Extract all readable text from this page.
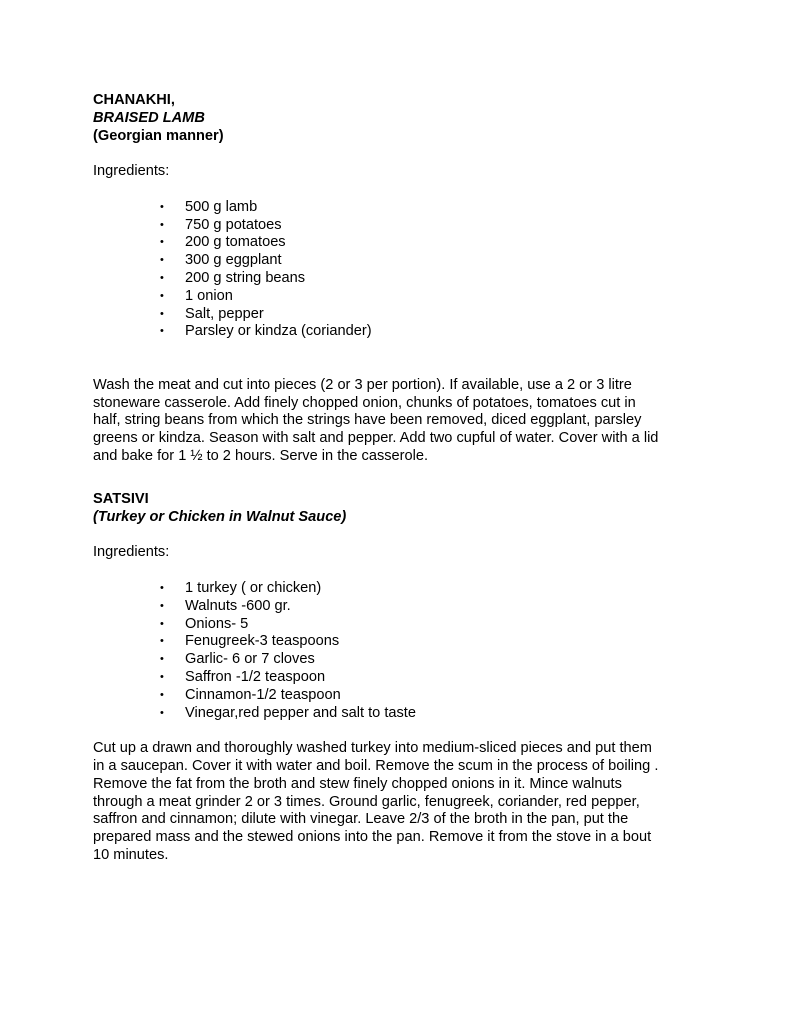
CHANAKHI,

BRAISED LAMB

(Georgian manner)

Ingredients:

• 500 g lamb
• 750 g potatoes
• 200 g tomatoes
• 300 g eggplant
• 200 g string beans
• 1 onion
• Salt, pepper
• Parsley or kindza (coriander)

Wash the meat and cut into pieces (2 or 3 per portion). If available, use a 2 or 3 litre
stoneware casserole. Add finely chopped onion, chunks of potatoes, tomatoes cut in
half, string beans from which the strings have been removed, diced eggplant, parsley
greens or kindza. Season with salt and pepper. Add two cupful of water. Cover with a lid
and bake for 1 ½ to 2 hours. Serve in the casserole.

SATSIVI

(Turkey or Chicken in Walnut Sauce)

Ingredients:

• 1 turkey ( or chicken)
• Walnuts -600 gr.
• Onions- 5
• Fenugreek-3 teaspoons
• Garlic- 6 or 7 cloves
• Saffron -1/2 teaspoon
• Cinnamon-1/2 teaspoon
• Vinegar,red pepper and salt to taste

Cut up a drawn and thoroughly washed turkey into medium-sliced pieces and put them
in a saucepan. Cover it with water and boil. Remove the scum in the process of boiling .
Remove the fat from the broth and stew finely chopped onions in it. Mince walnuts
through a meat grinder 2 or 3 times. Ground garlic, fenugreek, coriander, red pepper,
saffron and cinnamon; dilute with vinegar. Leave 2/3 of the broth in the pan, put the
prepared mass and the stewed onions into the pan. Remove it from the stove in a bout
10 minutes.
